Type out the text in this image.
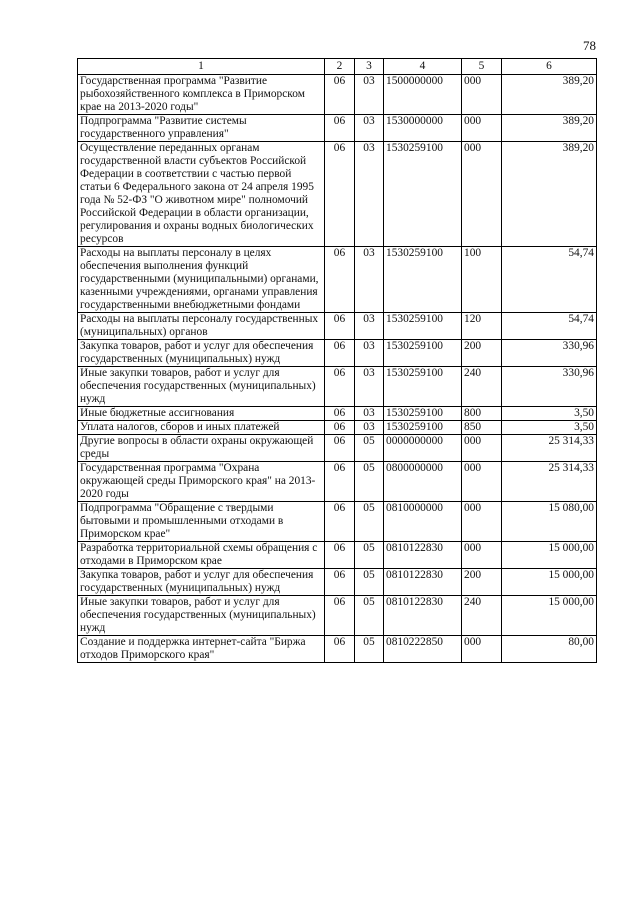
78
1	2	3	4	5	6
Государственная программа "Развитие рыбохозяйственного комплекса в Приморском крае на 2013-2020 годы"	06	03	1500000000	000	389,20
Подпрограмма "Развитие системы государственного управления"	06	03	1530000000	000	389,20
Осуществление переданных органам государственной власти субъектов Российской Федерации в соответствии с частью первой статьи 6 Федерального закона от 24 апреля 1995 года № 52-ФЗ "О животном мире" полномочий Российской Федерации в области организации, регулирования и охраны водных биологических ресурсов	06	03	1530259100	000	389,20
Расходы на выплаты персоналу в целях обеспечения выполнения функций государственными (муниципальными) органами, казенными учреждениями, органами управления государственными внебюджетными фондами	06	03	1530259100	100	54,74
Расходы на выплаты персоналу государственных (муниципальных) органов	06	03	1530259100	120	54,74
Закупка товаров, работ и услуг для обеспечения государственных (муниципальных) нужд	06	03	1530259100	200	330,96
Иные закупки товаров, работ и услуг для обеспечения государственных (муниципальных) нужд	06	03	1530259100	240	330,96
Иные бюджетные ассигнования	06	03	1530259100	800	3,50
Уплата налогов, сборов и иных платежей	06	03	1530259100	850	3,50
Другие вопросы в области охраны окружающей среды	06	05	0000000000	000	25 314,33
Государственная программа "Охрана окружающей среды Приморского края" на 2013-2020 годы	06	05	0800000000	000	25 314,33
Подпрограмма "Обращение с твердыми бытовыми и промышленными отходами в Приморском крае"	06	05	0810000000	000	15 080,00
Разработка территориальной схемы обращения с отходами в Приморском крае	06	05	0810122830	000	15 000,00
Закупка товаров, работ и услуг для обеспечения государственных (муниципальных) нужд	06	05	0810122830	200	15 000,00
Иные закупки товаров, работ и услуг для обеспечения государственных (муниципальных) нужд	06	05	0810122830	240	15 000,00
Создание и поддержка интернет-сайта "Биржа отходов Приморского края"	06	05	0810222850	000	80,00
